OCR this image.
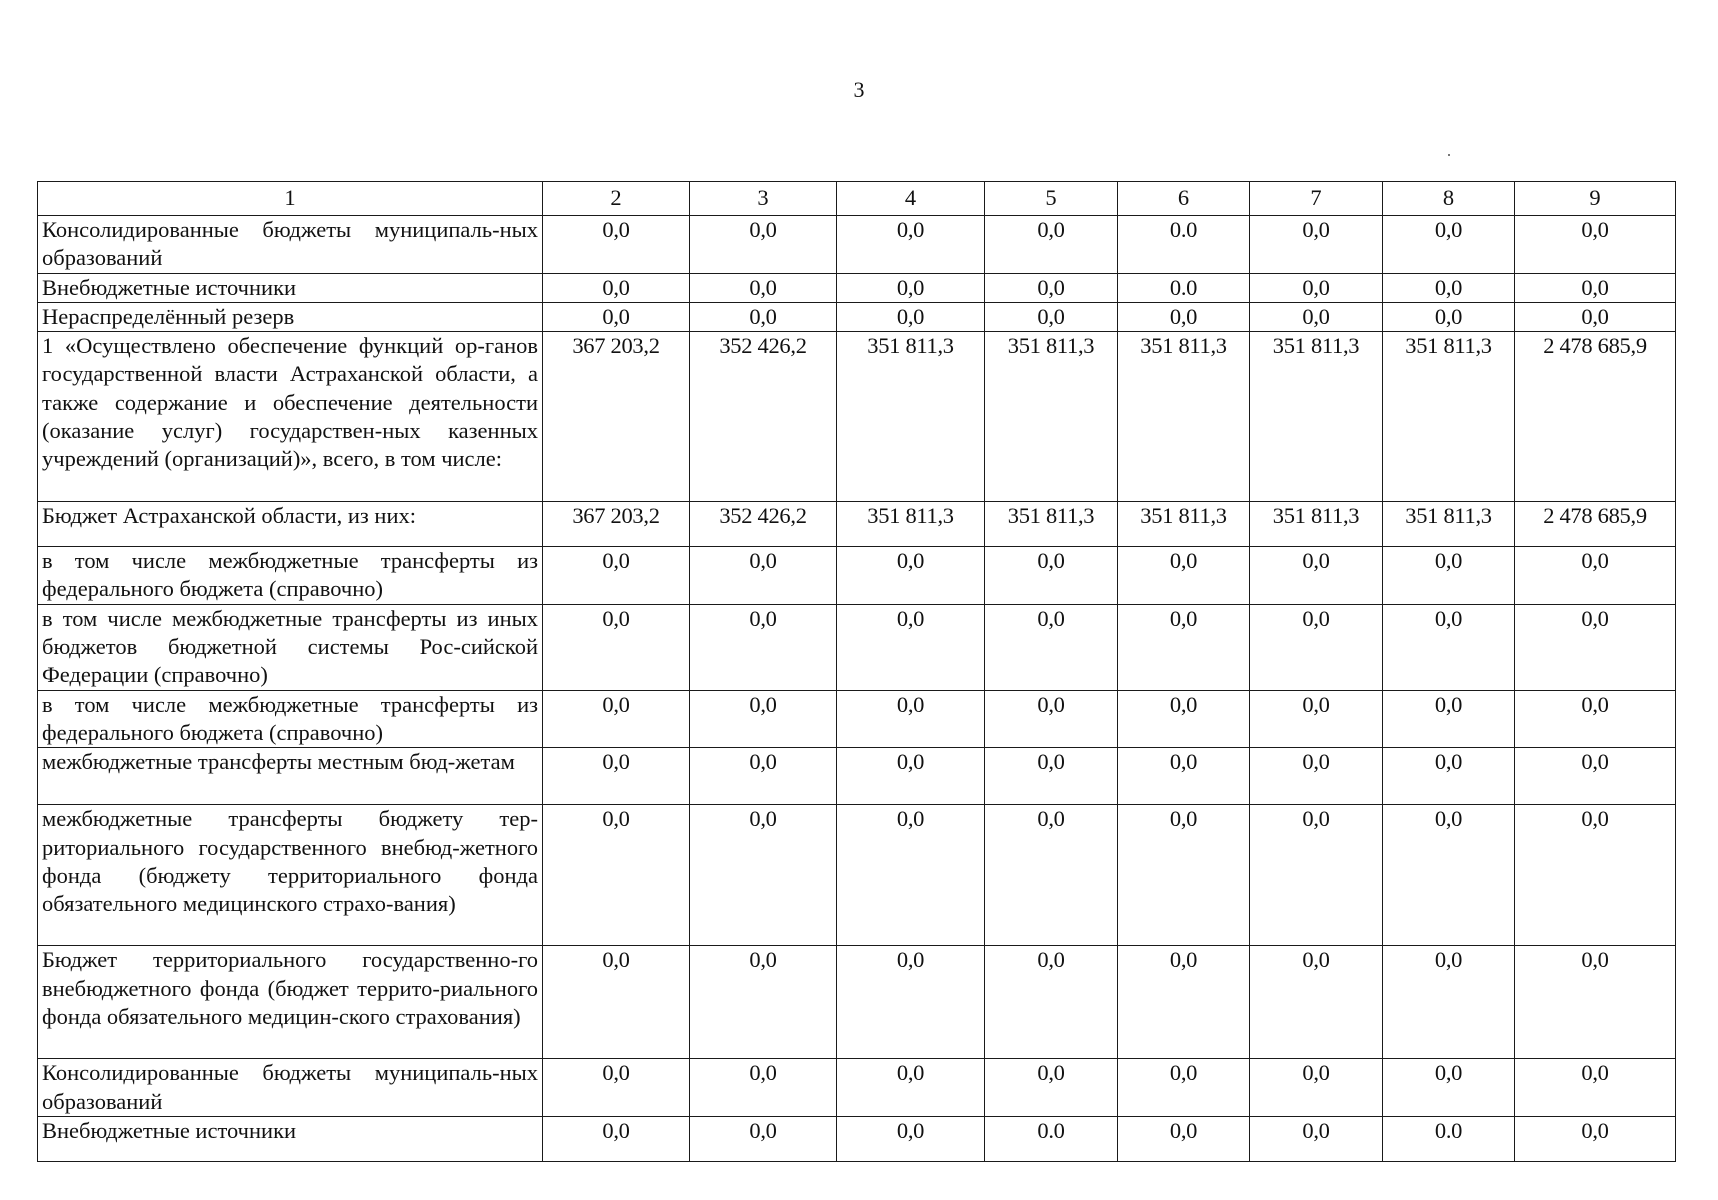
3
1	2	3	4	5	6	7	8	9
Консолидированные бюджеты муниципаль-ных образований	0,0	0,0	0,0	0,0	0.0	0,0	0,0	0,0
Внебюджетные источники	0,0	0,0	0,0	0,0	0.0	0,0	0,0	0,0
Нераспределённый резерв	0,0	0,0	0,0	0,0	0,0	0,0	0,0	0,0
1 «Осуществлено обеспечение функций ор-ганов государственной власти Астраханской области, а также содержание и обеспечение деятельности (оказание услуг) государствен-ных казенных учреждений (организаций)», всего, в том числе:	367 203,2	352 426,2	351 811,3	351 811,3	351 811,3	351 811,3	351 811,3	2 478 685,9
Бюджет Астраханской области, из них:	367 203,2	352 426,2	351 811,3	351 811,3	351 811,3	351 811,3	351 811,3	2 478 685,9
в том числе межбюджетные трансферты из федерального бюджета (справочно)	0,0	0,0	0,0	0,0	0,0	0,0	0,0	0,0
в том числе межбюджетные трансферты из иных бюджетов бюджетной системы Рос-сийской Федерации (справочно)	0,0	0,0	0,0	0,0	0,0	0,0	0,0	0,0
в том числе межбюджетные трансферты из федерального бюджета (справочно)	0,0	0,0	0,0	0,0	0,0	0,0	0,0	0,0
межбюджетные трансферты местным бюд-жетам	0,0	0,0	0,0	0,0	0,0	0,0	0,0	0,0
межбюджетные трансферты бюджету тер-риториального государственного внебюд-жетного фонда (бюджету территориального фонда обязательного медицинского страхо-вания)	0,0	0,0	0,0	0,0	0,0	0,0	0,0	0,0
Бюджет территориального государственно-го внебюджетного фонда (бюджет террито-риального фонда обязательного медицин-ского страхования)	0,0	0,0	0,0	0,0	0,0	0,0	0,0	0,0
Консолидированные бюджеты муниципаль-ных образований	0,0	0,0	0,0	0,0	0,0	0,0	0,0	0,0
Внебюджетные источники	0,0	0,0	0,0	0.0	0,0	0,0	0.0	0,0
